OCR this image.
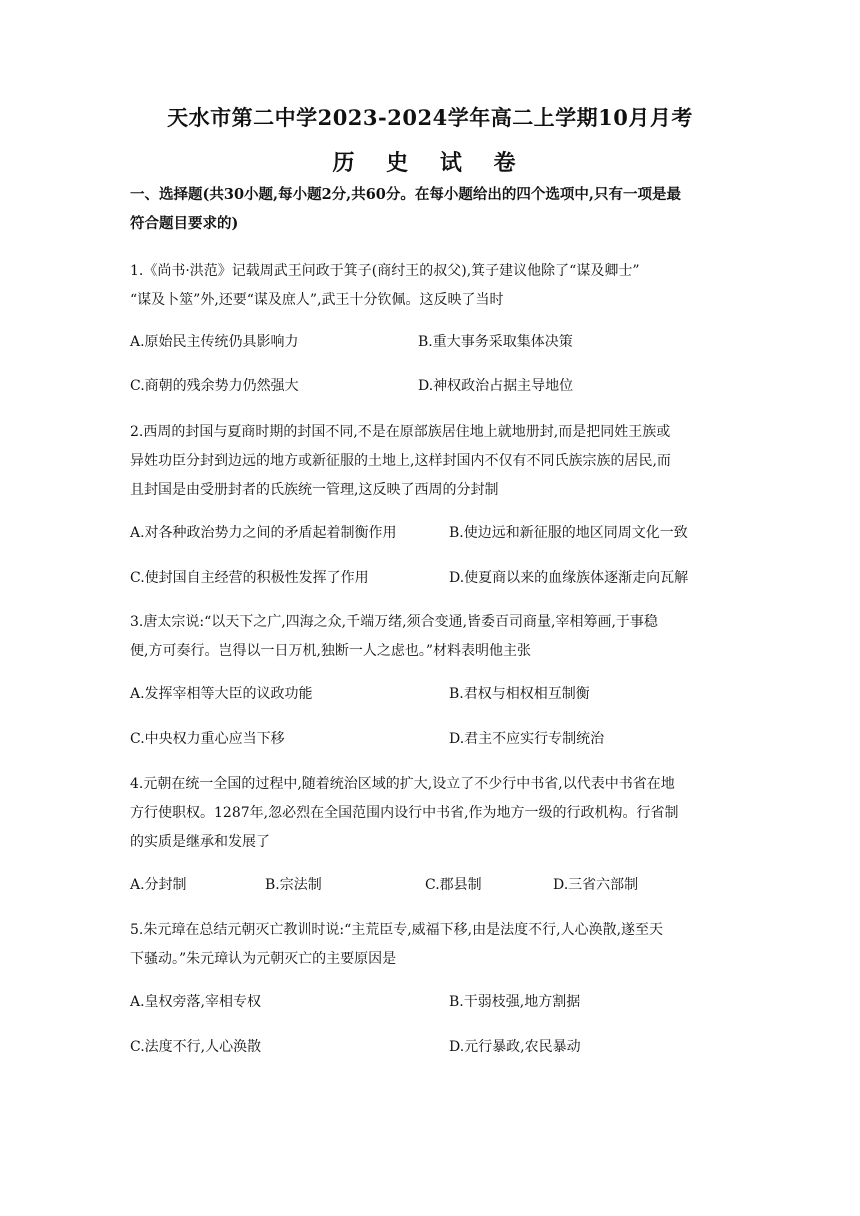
天水市第二中学2023-2024学年高二上学期10月月考
历 史 试 卷
一、选择题(共30小题,每小题2分,共60分。在每小题给出的四个选项中,只有一项是最
符合题目要求的)
1.《尚书·洪范》记载周武王问政于箕子(商纣王的叔父),箕子建议他除了“谋及卿士”
“谋及卜筮”外,还要“谋及庶人”,武王十分钦佩。这反映了当时
A.原始民主传统仍具影响力	B.重大事务采取集体决策
C.商朝的残余势力仍然强大	D.神权政治占据主导地位
2.西周的封国与夏商时期的封国不同,不是在原部族居住地上就地册封,而是把同姓王族或
异姓功臣分封到边远的地方或新征服的土地上,这样封国内不仅有不同氏族宗族的居民,而
且封国是由受册封者的氏族统一管理,这反映了西周的分封制
A.对各种政治势力之间的矛盾起着制衡作用	B.使边远和新征服的地区同周文化一致
C.使封国自主经营的积极性发挥了作用	D.使夏商以来的血缘族体逐渐走向瓦解
3.唐太宗说:“以天下之广,四海之众,千端万绪,须合变通,皆委百司商量,宰相筹画,于事稳
便,方可奏行。岂得以一日万机,独断一人之虑也。”材料表明他主张
A.发挥宰相等大臣的议政功能	B.君权与相权相互制衡
C.中央权力重心应当下移	D.君主不应实行专制统治
4.元朝在统一全国的过程中,随着统治区域的扩大,设立了不少行中书省,以代表中书省在地
方行使职权。1287年,忽必烈在全国范围内设行中书省,作为地方一级的行政机构。行省制
的实质是继承和发展了
A.分封制	B.宗法制	C.郡县制	D.三省六部制
5.朱元璋在总结元朝灭亡教训时说:“主荒臣专,威福下移,由是法度不行,人心涣散,遂至天
下骚动。”朱元璋认为元朝灭亡的主要原因是
A.皇权旁落,宰相专权	B.干弱枝强,地方割据
C.法度不行,人心涣散	D.元行暴政,农民暴动
